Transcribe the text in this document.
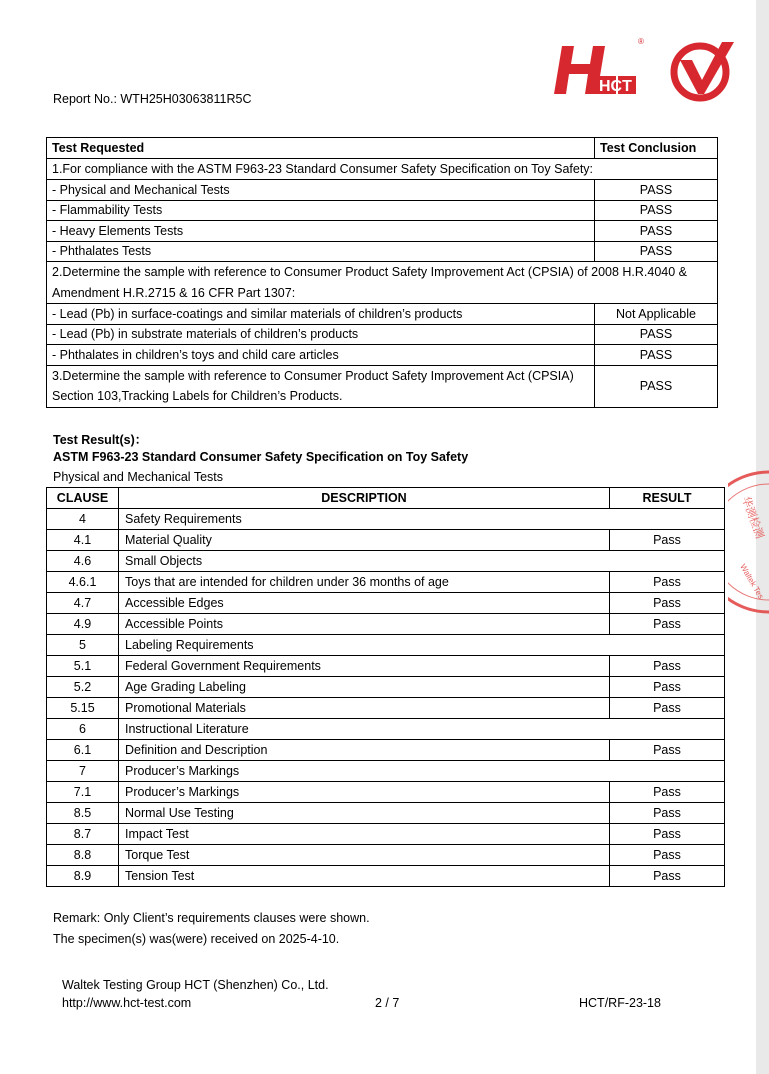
HCT
®
Report No.: WTH25H03063811R5C
Test Requested	Test Conclusion
1.For compliance with the ASTM F963-23 Standard Consumer Safety Specification on Toy Safety:	
- Physical and Mechanical Tests	PASS
- Flammability Tests	PASS
- Heavy Elements Tests	PASS
- Phthalates Tests	PASS
2.Determine the sample with reference to Consumer Product Safety Improvement Act (CPSIA) of 2008 H.R.4040 & Amendment H.R.2715 & 16 CFR Part 1307:	
- Lead (Pb) in surface-coatings and similar materials of children’s products	Not Applicable
- Lead (Pb) in substrate materials of children’s products	PASS
- Phthalates in children’s toys and child care articles	PASS
3.Determine the sample with reference to Consumer Product Safety Improvement Act (CPSIA) Section 103,Tracking Labels for Children’s Products.	PASS
Test Result(s)：
ASTM F963-23 Standard Consumer Safety Specification on Toy Safety
Physical and Mechanical Tests
CLAUSE	DESCRIPTION	RESULT
4	Safety Requirements	
4.1	Material Quality	Pass
4.6	Small Objects	
4.6.1	Toys that are intended for children under 36 months of age	Pass
4.7	Accessible Edges	Pass
4.9	Accessible Points	Pass
5	Labeling Requirements	
5.1	Federal Government Requirements	Pass
5.2	Age Grading Labeling	Pass
5.15	Promotional Materials	Pass
6	Instructional Literature	
6.1	Definition and Description	Pass
7	Producer’s Markings	
7.1	Producer’s Markings	Pass
8.5	Normal Use Testing	Pass
8.7	Impact Test	Pass
8.8	Torque Test	Pass
8.9	Tension Test	Pass
Remark: Only Client’s requirements clauses were shown.
The specimen(s) was(were) received on 2025-4-10.
Waltek Testing Group HCT (Shenzhen) Co., Ltd.
http://www.hct-test.com	2 / 7	HCT/RF-23-18
华测检测
Waltek Tes
